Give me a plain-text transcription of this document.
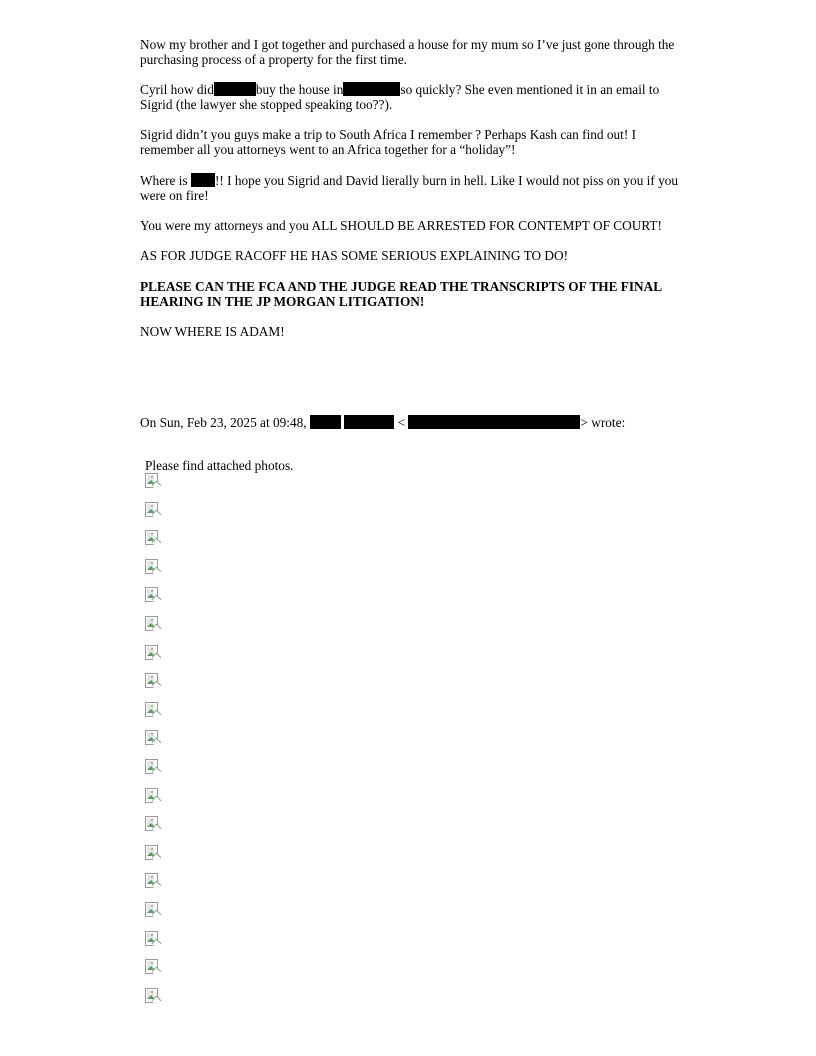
Now my brother and I got together and purchased a house for my mum so I’ve just gone through the purchasing process of a property for the first time.

Cyril how did	buy the house in	so quickly? She even mentioned it in an email to Sigrid (the lawyer she stopped speaking too??).

Sigrid didn’t you guys make a trip to South Africa I remember ? Perhaps Kash can find out! I remember all you attorneys went to an Africa together for a “holiday”!

Where is !! I hope you Sigrid and David lierally burn in hell. Like I would not piss on you if you were on fire!

You were my attorneys and you ALL SHOULD BE ARRESTED FOR CONTEMPT OF COURT!

AS FOR JUDGE RACOFF HE HAS SOME SERIOUS EXPLAINING TO DO!

PLEASE CAN THE FCA AND THE JUDGE READ THE TRANSCRIPTS OF THE FINAL HEARING IN THE JP MORGAN LITIGATION!

NOW WHERE IS ADAM!

On Sun, Feb 23, 2025 at 09:48,	<	> wrote:

Please find attached photos.
